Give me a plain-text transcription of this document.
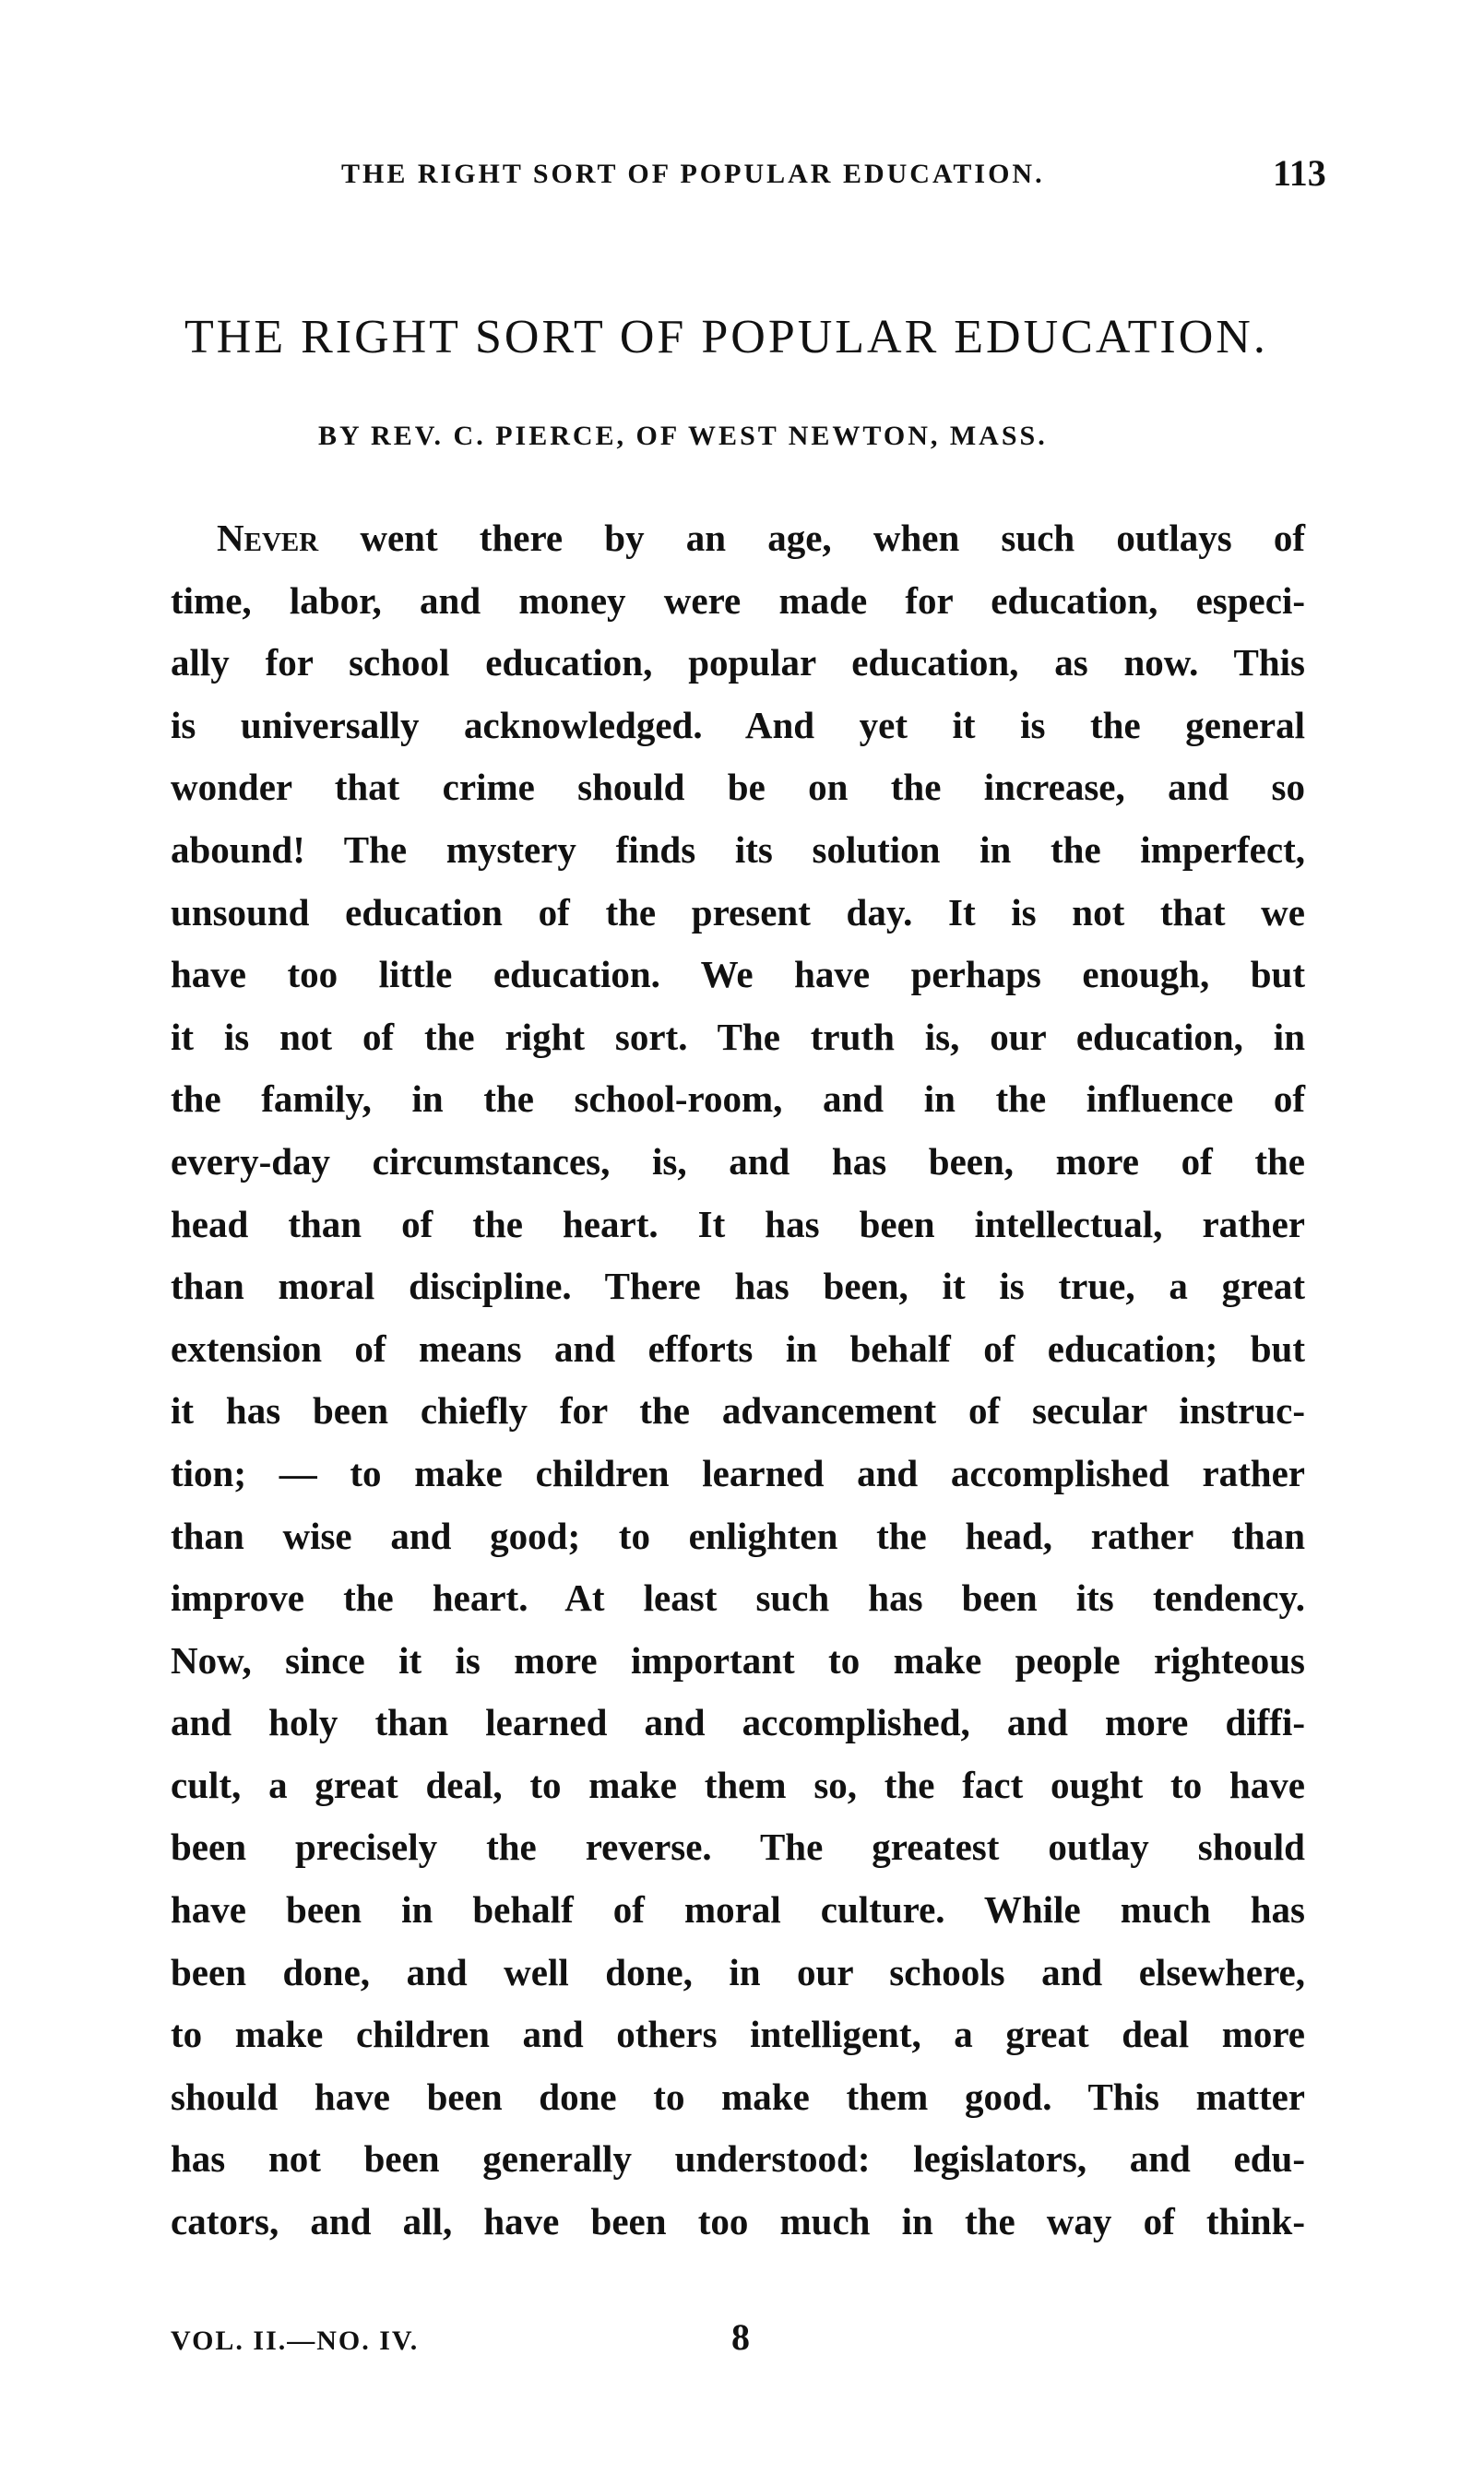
THE RIGHT SORT OF POPULAR EDUCATION.	113
THE RIGHT SORT OF POPULAR EDUCATION.
BY REV. C. PIERCE, OF WEST NEWTON, MASS.
Never went there by an age, when such outlays of
time, labor, and money were made for education, especi-
ally for school education, popular education, as now. This
is universally acknowledged. And yet it is the general
wonder that crime should be on the increase, and so
abound! The mystery finds its solution in the imperfect,
unsound education of the present day. It is not that we
have too little education. We have perhaps enough, but
it is not of the right sort. The truth is, our education, in
the family, in the school-room, and in the influence of
every-day circumstances, is, and has been, more of the
head than of the heart. It has been intellectual, rather
than moral discipline. There has been, it is true, a great
extension of means and efforts in behalf of education; but
it has been chiefly for the advancement of secular instruc-
tion; — to make children learned and accomplished rather
than wise and good; to enlighten the head, rather than
improve the heart. At least such has been its tendency.
Now, since it is more important to make people righteous
and holy than learned and accomplished, and more diffi-
cult, a great deal, to make them so, the fact ought to have
been precisely the reverse. The greatest outlay should
have been in behalf of moral culture. While much has
been done, and well done, in our schools and elsewhere,
to make children and others intelligent, a great deal more
should have been done to make them good. This matter
has not been generally understood: legislators, and edu-
cators, and all, have been too much in the way of think-
VOL. II.—NO. IV.	8
